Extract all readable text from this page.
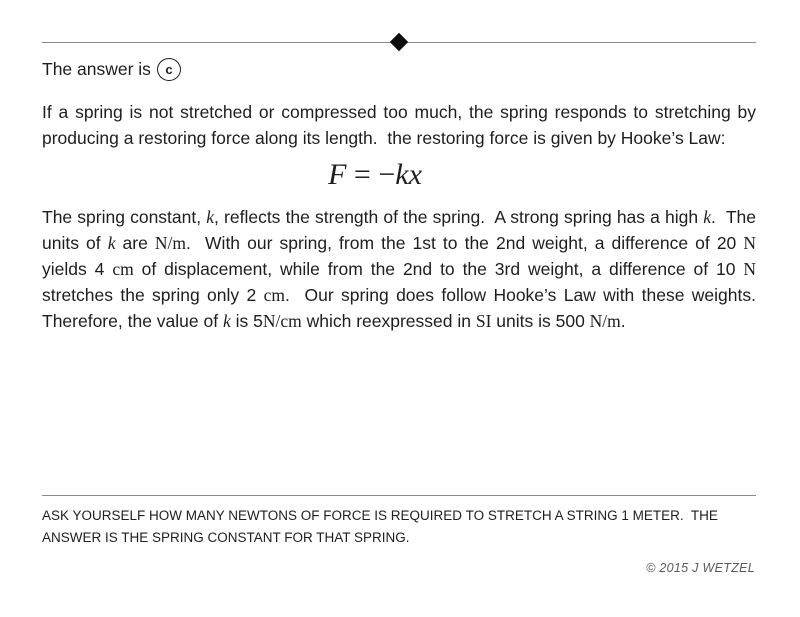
The answer is c

If a spring is not stretched or compressed too much, the spring responds to stretching by producing a restoring force along its length.  the restoring force is given by Hooke’s Law:

F = −kx

The spring constant, k, reflects the strength of the spring.  A strong spring has a high k.  The units of k are N/m.  With our spring, from the 1st to the 2nd weight, a difference of 20 N yields 4 cm of displacement, while from the 2nd to the 3rd weight, a difference of 10 N stretches the spring only 2 cm.  Our spring does follow Hooke’s Law with these weights.  Therefore, the value of k is 5N/cm which reexpressed in SI units is 500 N/m.

ASK YOURSELF HOW MANY NEWTONS OF FORCE IS REQUIRED TO STRETCH A STRING 1 METER.  THE ANSWER IS THE SPRING CONSTANT FOR THAT SPRING.

© 2015 J WETZEL
